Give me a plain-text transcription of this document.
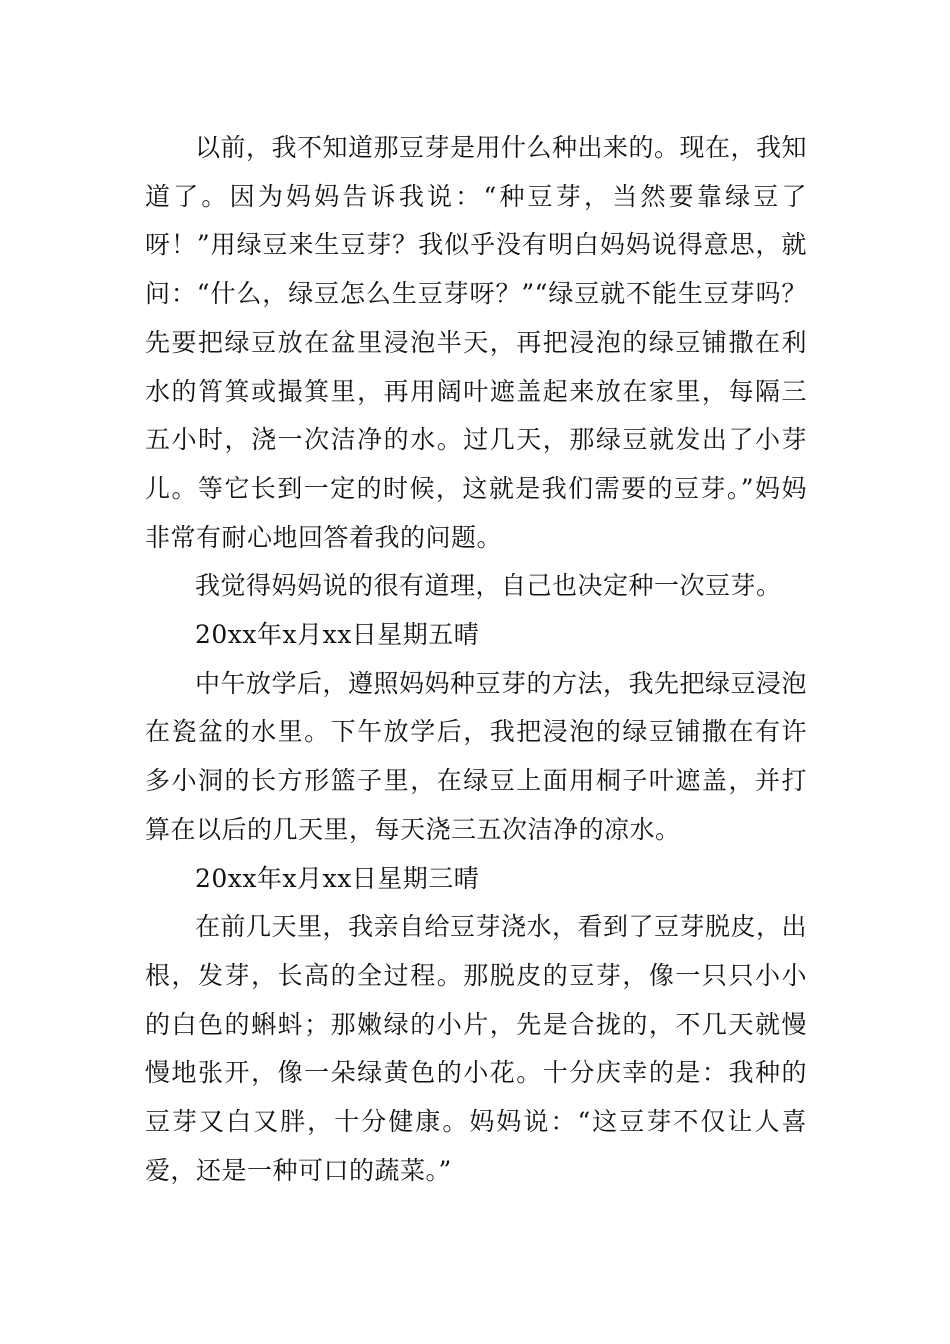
以前，我不知道那豆芽是用什么种出来的。现在，我知道了。因为妈妈告诉我说：“种豆芽，当然要靠绿豆了呀！”用绿豆来生豆芽？我似乎没有明白妈妈说得意思，就问：“什么，绿豆怎么生豆芽呀？”“绿豆就不能生豆芽吗？先要把绿豆放在盆里浸泡半天，再把浸泡的绿豆铺撒在利水的筲箕或撮箕里，再用阔叶遮盖起来放在家里，每隔三五小时，浇一次洁净的水。过几天，那绿豆就发出了小芽儿。等它长到一定的时候，这就是我们需要的豆芽。”妈妈非常有耐心地回答着我的问题。

我觉得妈妈说的很有道理，自己也决定种一次豆芽。

20xx年x月xx日星期五晴

中午放学后，遵照妈妈种豆芽的方法，我先把绿豆浸泡在瓷盆的水里。下午放学后，我把浸泡的绿豆铺撒在有许多小洞的长方形篮子里，在绿豆上面用桐子叶遮盖，并打算在以后的几天里，每天浇三五次洁净的凉水。

20xx年x月xx日星期三晴

在前几天里，我亲自给豆芽浇水，看到了豆芽脱皮，出根，发芽，长高的全过程。那脱皮的豆芽，像一只只小小的白色的蝌蚪；那嫩绿的小片，先是合拢的，不几天就慢慢地张开，像一朵绿黄色的小花。十分庆幸的是：我种的豆芽又白又胖，十分健康。妈妈说：“这豆芽不仅让人喜爱，还是一种可口的蔬菜。”
